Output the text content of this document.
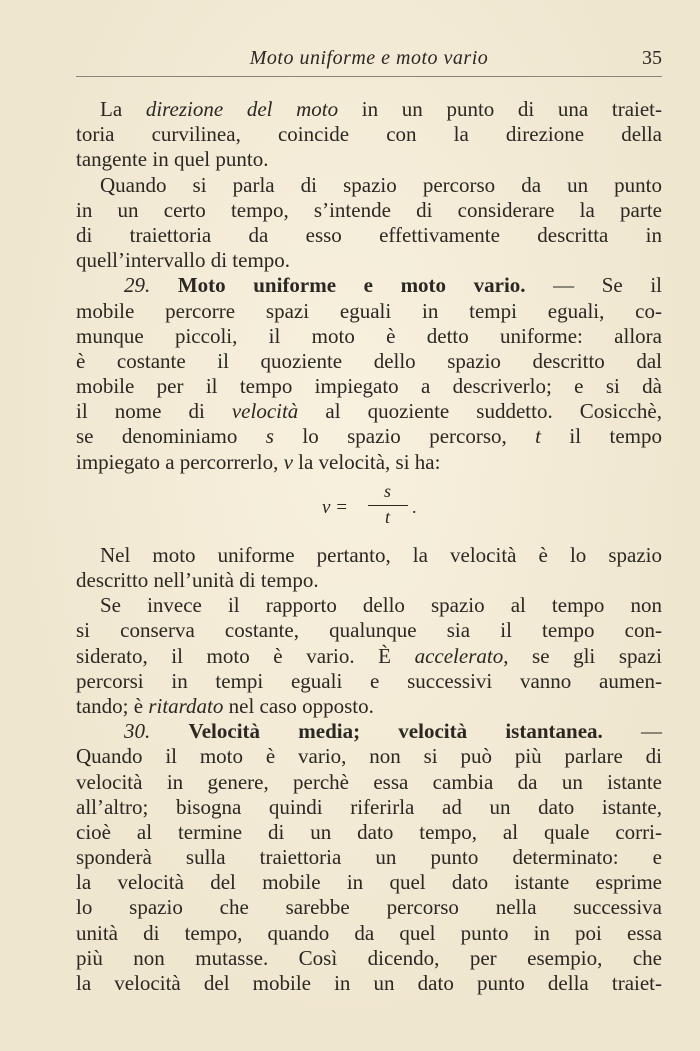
Moto uniforme e moto vario	35
La direzione del moto in un punto di una traiet-
toria curvilinea, coincide con la direzione della
tangente in quel punto.
Quando si parla di spazio percorso da un punto
in un certo tempo, s’intende di considerare la parte
di traiettoria da esso effettivamente descritta in
quell’intervallo di tempo.
29. Moto uniforme e moto vario. — Se il
mobile percorre spazi eguali in tempi eguali, co-
munque piccoli, il moto è detto uniforme: allora
è costante il quoziente dello spazio descritto dal
mobile per il tempo impiegato a descriverlo; e si dà
il nome di velocità al quoziente suddetto. Cosicchè,
se denominiamo s lo spazio percorso, t il tempo
impiegato a percorrerlo, v la velocità, si ha:
v =
s
t .
Nel moto uniforme pertanto, la velocità è lo spazio
descritto nell’unità di tempo.
Se invece il rapporto dello spazio al tempo non
si conserva costante, qualunque sia il tempo con-
siderato, il moto è vario. È accelerato, se gli spazi
percorsi in tempi eguali e successivi vanno aumen-
tando; è ritardato nel caso opposto.
30. Velocità media; velocità istantanea. —
Quando il moto è vario, non si può più parlare di
velocità in genere, perchè essa cambia da un istante
all’altro; bisogna quindi riferirla ad un dato istante,
cioè al termine di un dato tempo, al quale corri-
sponderà sulla traiettoria un punto determinato: e
la velocità del mobile in quel dato istante esprime
lo spazio che sarebbe percorso nella successiva
unità di tempo, quando da quel punto in poi essa
più non mutasse. Così dicendo, per esempio, che
la velocità del mobile in un dato punto della traiet-
